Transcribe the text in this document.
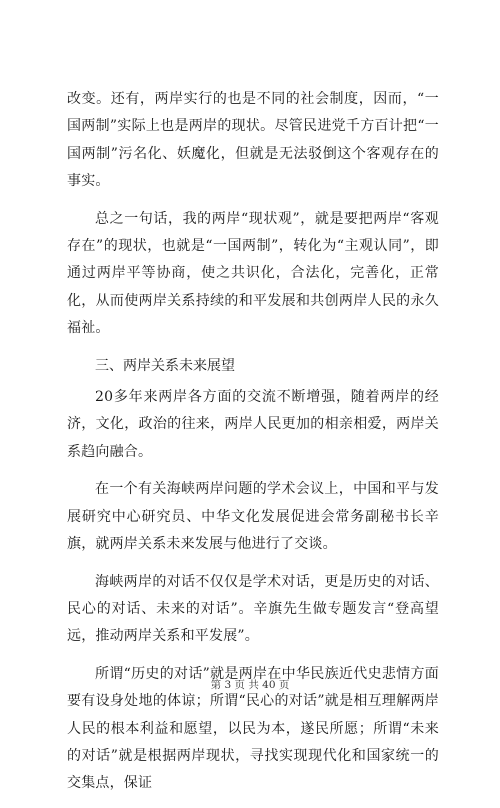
改变。还有，两岸实行的也是不同的社会制度，因而，“一国两制”实际上也是两岸的现状。尽管民进党千方百计把“一国两制”污名化、妖魔化，但就是无法驳倒这个客观存在的事实。

总之一句话，我的两岸“现状观”，就是要把两岸“客观存在”的现状，也就是“一国两制”，转化为“主观认同”，即通过两岸平等协商，使之共识化，合法化，完善化，正常化，从而使两岸关系持续的和平发展和共创两岸人民的永久福祉。

三、两岸关系未来展望

20多年来两岸各方面的交流不断增强，随着两岸的经济，文化，政治的往来，两岸人民更加的相亲相爱，两岸关系趋向融合。

在一个有关海峡两岸问题的学术会议上，中国和平与发展研究中心研究员、中华文化发展促进会常务副秘书长辛旗，就两岸关系未来发展与他进行了交谈。

海峡两岸的对话不仅仅是学术对话，更是历史的对话、民心的对话、未来的对话”。辛旗先生做专题发言“登高望远，推动两岸关系和平发展”。

所谓“历史的对话”就是两岸在中华民族近代史悲情方面要有设身处地的体谅；所谓“民心的对话”就是相互理解两岸人民的根本利益和愿望，以民为本，遂民所愿；所谓“未来的对话”就是根据两岸现状，寻找实现现代化和国家统一的交集点，保证

第 3 页 共 40 页
